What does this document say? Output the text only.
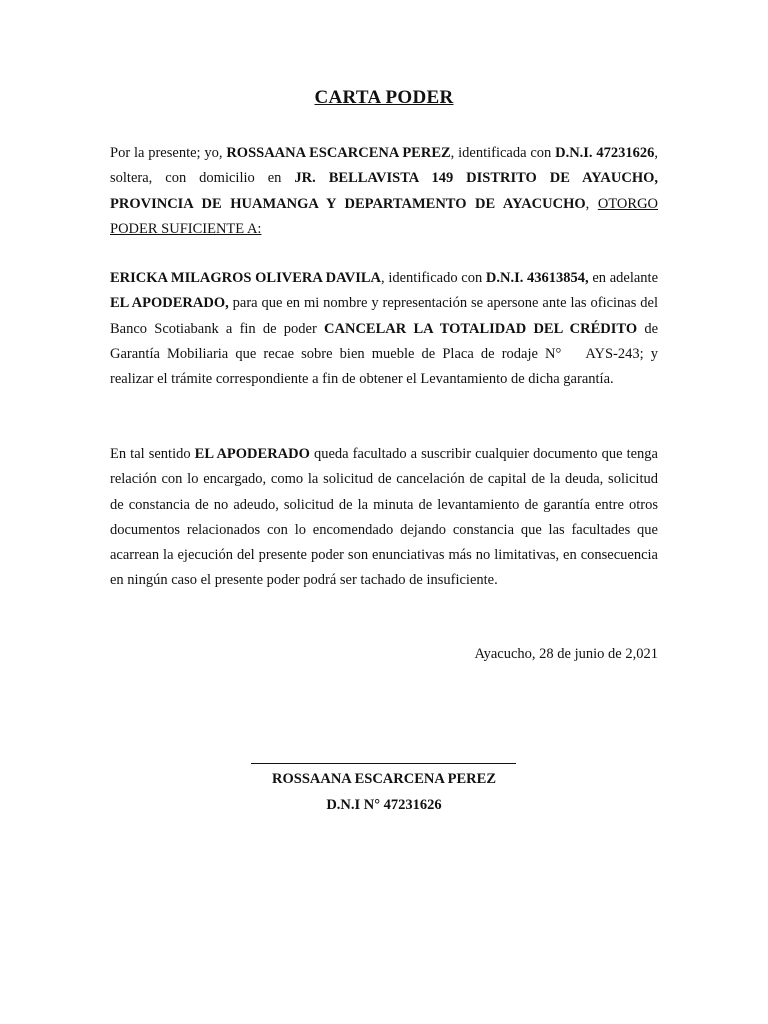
CARTA PODER
Por la presente; yo, ROSSAANA ESCARCENA PEREZ, identificada con D.N.I. 47231626, soltera, con domicilio en JR. BELLAVISTA 149 DISTRITO DE AYAUCHO, PROVINCIA DE HUAMANGA Y DEPARTAMENTO DE AYACUCHO, OTORGO PODER SUFICIENTE A:
ERICKA MILAGROS OLIVERA DAVILA, identificado con D.N.I. 43613854, en adelante EL APODERADO, para que en mi nombre y representación se apersone ante las oficinas del Banco Scotiabank a fin de poder CANCELAR LA TOTALIDAD DEL CRÉDITO de Garantía Mobiliaria que recae sobre bien mueble de Placa de rodaje N° AYS-243; y realizar el trámite correspondiente a fin de obtener el Levantamiento de dicha garantía.
En tal sentido EL APODERADO queda facultado a suscribir cualquier documento que tenga relación con lo encargado, como la solicitud de cancelación de capital de la deuda, solicitud de constancia de no adeudo, solicitud de la minuta de levantamiento de garantía entre otros documentos relacionados con lo encomendado dejando constancia que las facultades que acarrean la ejecución del presente poder son enunciativas más no limitativas, en consecuencia en ningún caso el presente poder podrá ser tachado de insuficiente.
Ayacucho, 28 de junio de 2,021
ROSSAANA ESCARCENA PEREZ
D.N.I N° 47231626
